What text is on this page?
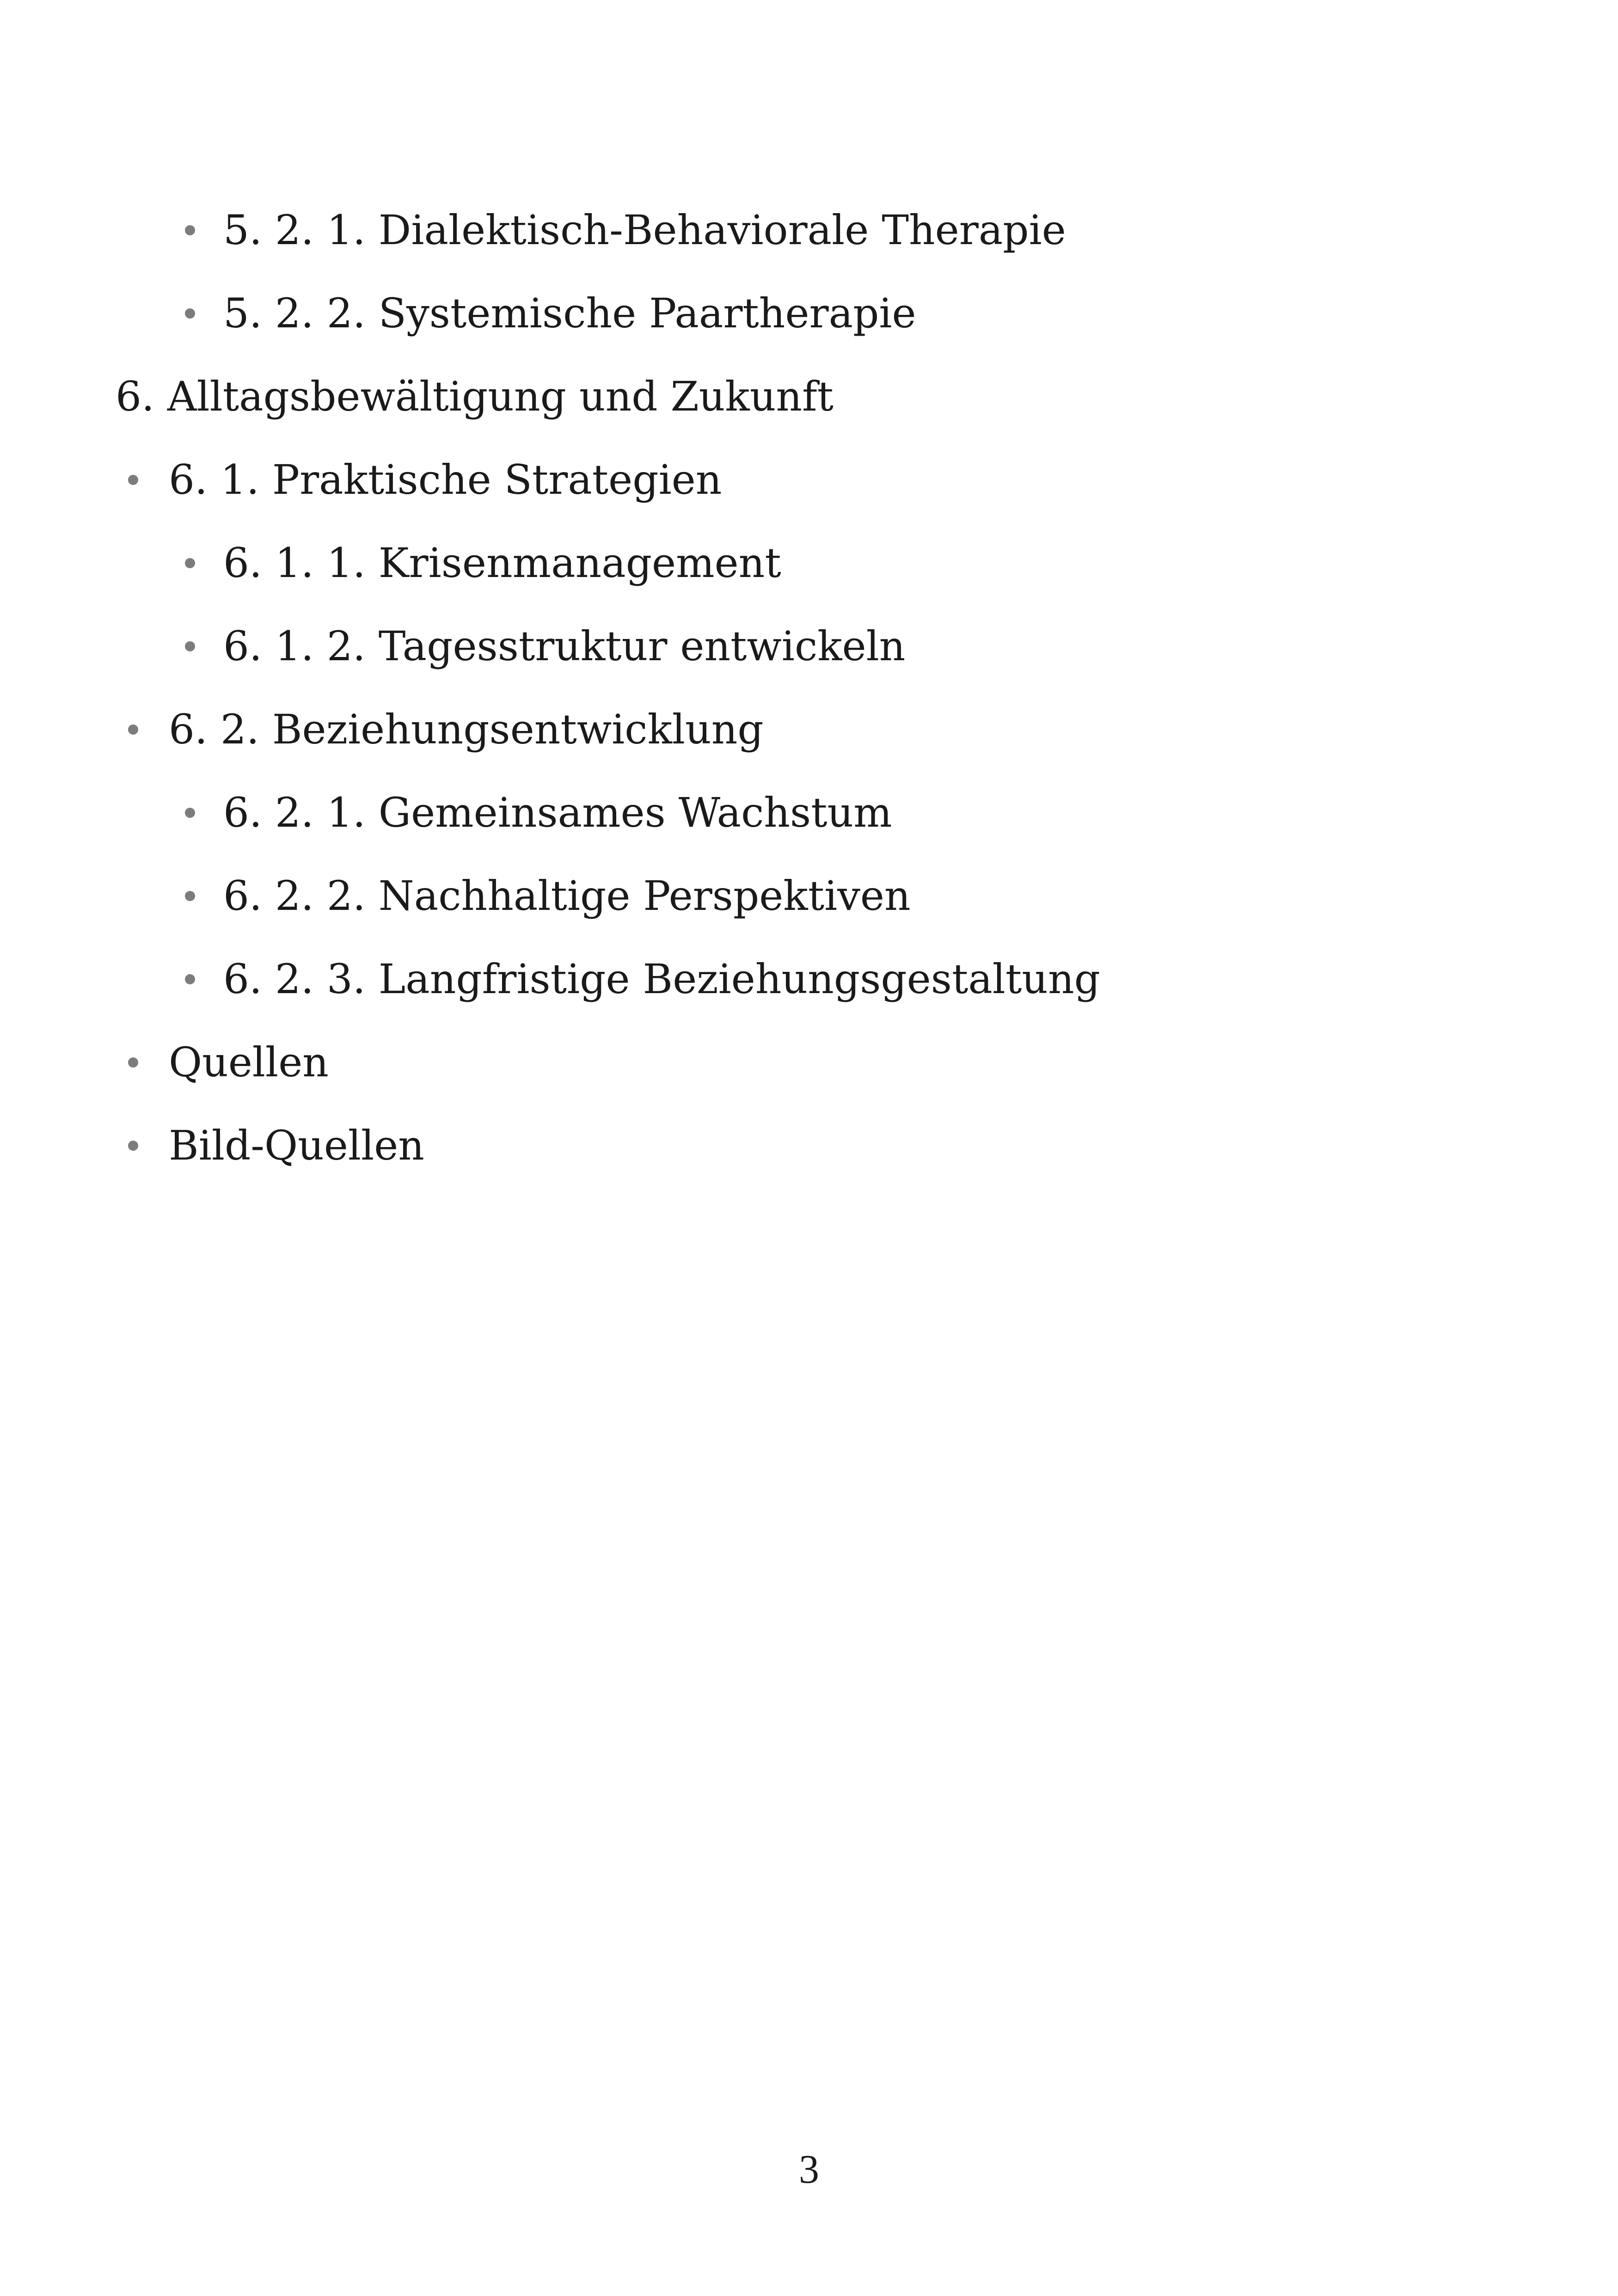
5. 2. 1. Dialektisch-Behaviorale Therapie
5. 2. 2. Systemische Paartherapie
6. Alltagsbewältigung und Zukunft
6. 1. Praktische Strategien
6. 1. 1. Krisenmanagement
6. 1. 2. Tagesstruktur entwickeln
6. 2. Beziehungsentwicklung
6. 2. 1. Gemeinsames Wachstum
6. 2. 2. Nachhaltige Perspektiven
6. 2. 3. Langfristige Beziehungsgestaltung
Quellen
Bild-Quellen
3
